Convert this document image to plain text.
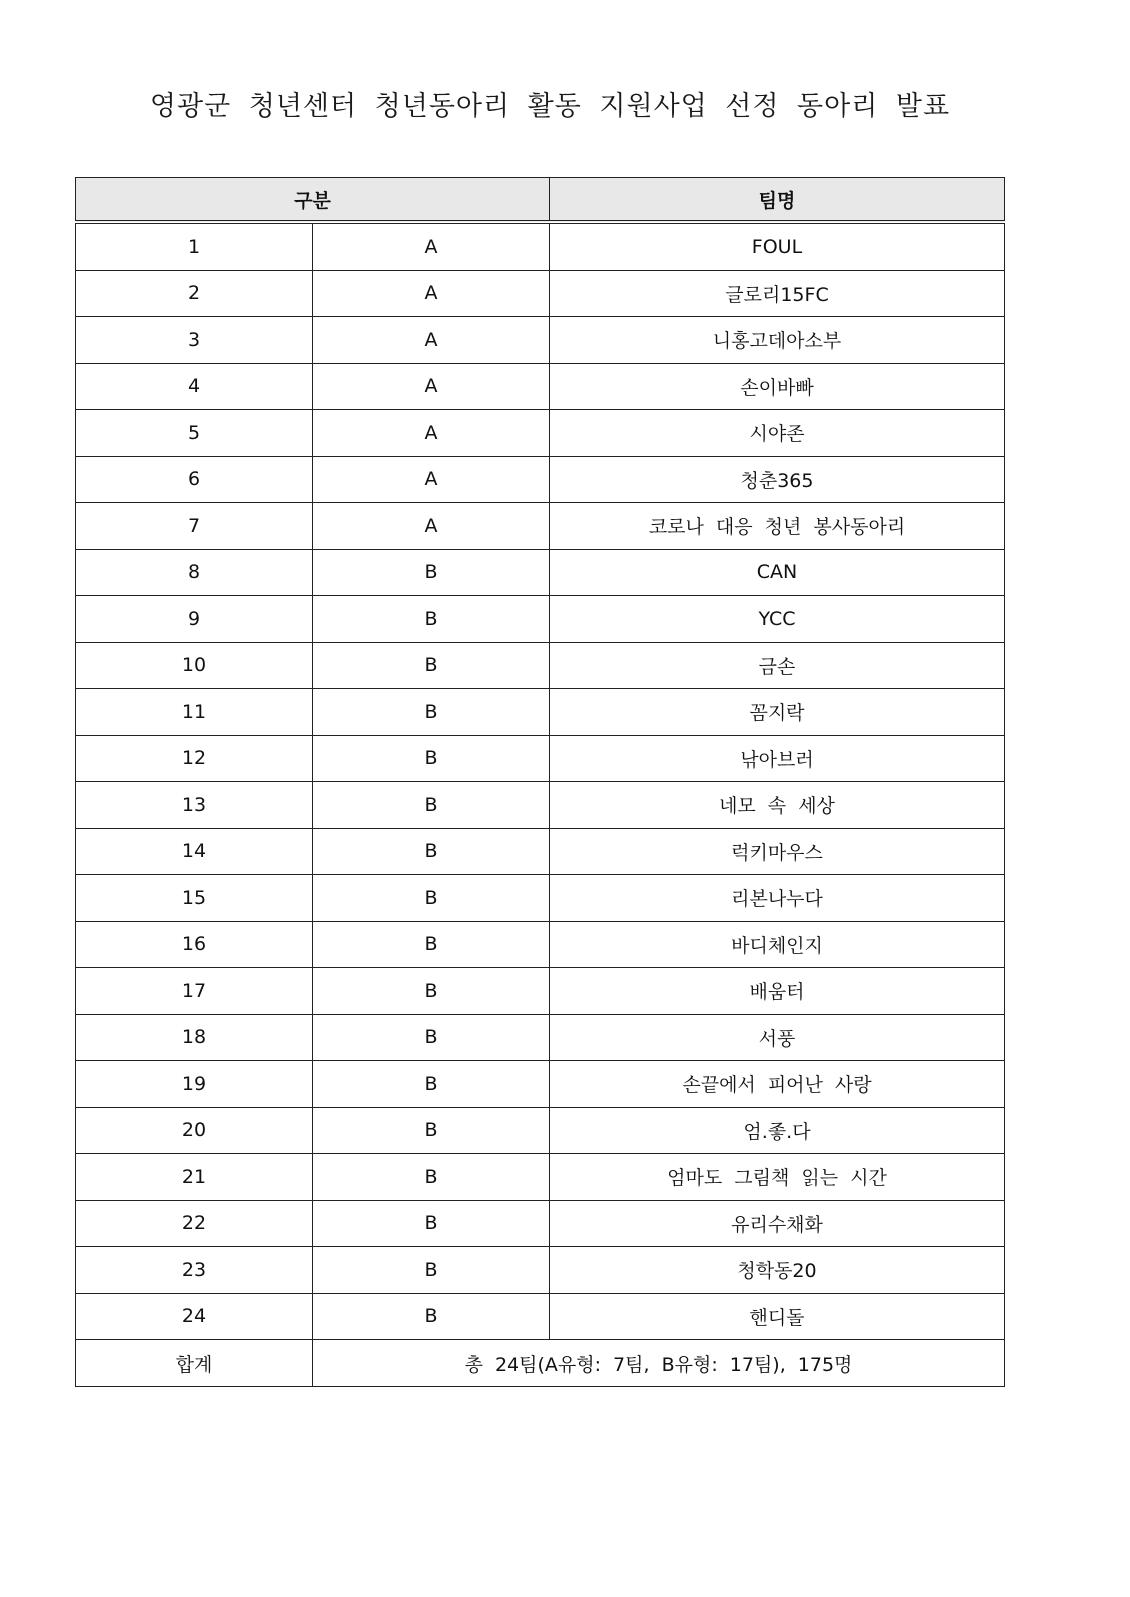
영광군 청년센터 청년동아리 활동 지원사업 선정 동아리 발표
구분		팀명
1	A	FOUL
2	A	글로리15FC
3	A	니홍고데아소부
4	A	손이바빠
5	A	시야존
6	A	청춘365
7	A	코로나 대응 청년 봉사동아리
8	B	CAN
9	B	YCC
10	B	금손
11	B	꼼지락
12	B	낚아브러
13	B	네모 속 세상
14	B	럭키마우스
15	B	리본나누다
16	B	바디체인지
17	B	배움터
18	B	서풍
19	B	손끝에서 피어난 사랑
20	B	엄.좋.다
21	B	엄마도 그림책 읽는 시간
22	B	유리수채화
23	B	청학동20
24	B	핸디돌
합계	총 24팀(A유형: 7팀, B유형: 17팀), 175명	
